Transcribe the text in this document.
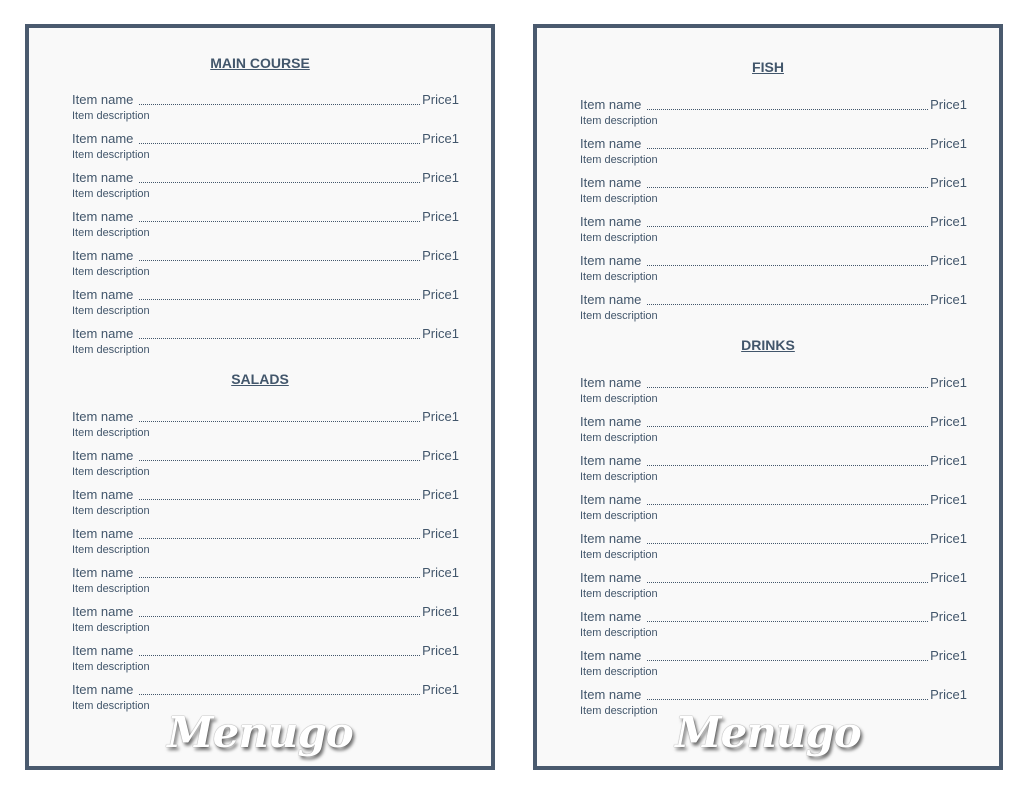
MAIN COURSE
Item name	Price1
Item description
Item name	Price1
Item description
Item name	Price1
Item description
Item name	Price1
Item description
Item name	Price1
Item description
Item name	Price1
Item description
Item name	Price1
Item description
SALADS
Item name	Price1
Item description
Item name	Price1
Item description
Item name	Price1
Item description
Item name	Price1
Item description
Item name	Price1
Item description
Item name	Price1
Item description
Item name	Price1
Item description
Item name	Price1
Item description
Menugo
FISH
Item name	Price1
Item description
Item name	Price1
Item description
Item name	Price1
Item description
Item name	Price1
Item description
Item name	Price1
Item description
Item name	Price1
Item description
DRINKS
Item name	Price1
Item description
Item name	Price1
Item description
Item name	Price1
Item description
Item name	Price1
Item description
Item name	Price1
Item description
Item name	Price1
Item description
Item name	Price1
Item description
Item name	Price1
Item description
Item name	Price1
Item description Menugo
